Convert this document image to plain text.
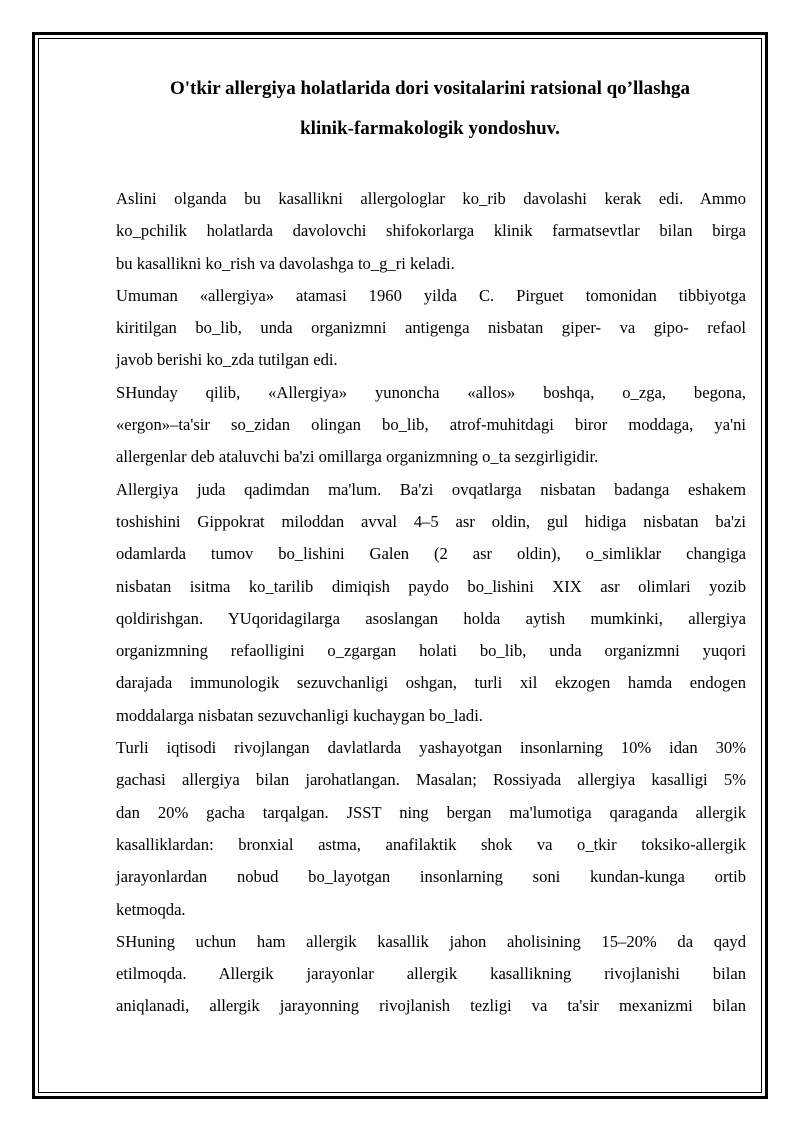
O'tkir allergiya holatlarida dori vositalarini ratsional qo’llashga
klinik-farmakologik yondoshuv.
Aslini olganda bu kasallikni allergologlar ko_rib davolashi kerak edi. Ammo
ko_pchilik holatlarda davolovchi shifokorlarga klinik farmatsevtlar bilan birga
bu kasallikni ko_rish va davolashga to_g_ri keladi.
Umuman «allergiya» atamasi 1960 yilda C. Pirguet tomonidan tibbiyotga
kiritilgan bo_lib, unda organizmni antigenga nisbatan giper- va gipo- refaol
javob berishi ko_zda tutilgan edi.
SHunday qilib, «Allergiya» yunoncha «allos» boshqa, o_zga, begona,
«ergon»–ta'sir so_zidan olingan bo_lib, atrof-muhitdagi biror moddaga, ya'ni
allergenlar deb ataluvchi ba'zi omillarga organizmning o_ta sezgirligidir.
Allergiya juda qadimdan ma'lum. Ba'zi ovqatlarga nisbatan badanga eshakem
toshishini Gippokrat miloddan avval 4–5 asr oldin, gul hidiga nisbatan ba'zi
odamlarda tumov bo_lishini Galen (2 asr oldin), o_simliklar changiga
nisbatan isitma ko_tarilib dimiqish paydo bo_lishini XIX asr olimlari yozib
qoldirishgan. YUqoridagilarga asoslangan holda aytish mumkinki, allergiya
organizmning refaolligini o_zgargan holati bo_lib, unda organizmni yuqori
darajada immunologik sezuvchanligi oshgan, turli xil ekzogen hamda endogen
moddalarga nisbatan sezuvchanligi kuchaygan bo_ladi.
Turli iqtisodi rivojlangan davlatlarda yashayotgan insonlarning 10% idan 30%
gachasi allergiya bilan jarohatlangan. Masalan; Rossiyada allergiya kasalligi 5%
dan 20% gacha tarqalgan. JSST ning bergan ma'lumotiga qaraganda allergik
kasalliklardan: bronxial astma, anafilaktik shok va o_tkir toksiko-allergik
jarayonlardan nobud bo_layotgan insonlarning soni kundan-kunga ortib
ketmoqda.
SHuning uchun ham allergik kasallik jahon aholisining 15–20% da qayd
etilmoqda. Allergik jarayonlar allergik kasallikning rivojlanishi bilan
aniqlanadi, allergik jarayonning rivojlanish tezligi va ta'sir mexanizmi bilan
